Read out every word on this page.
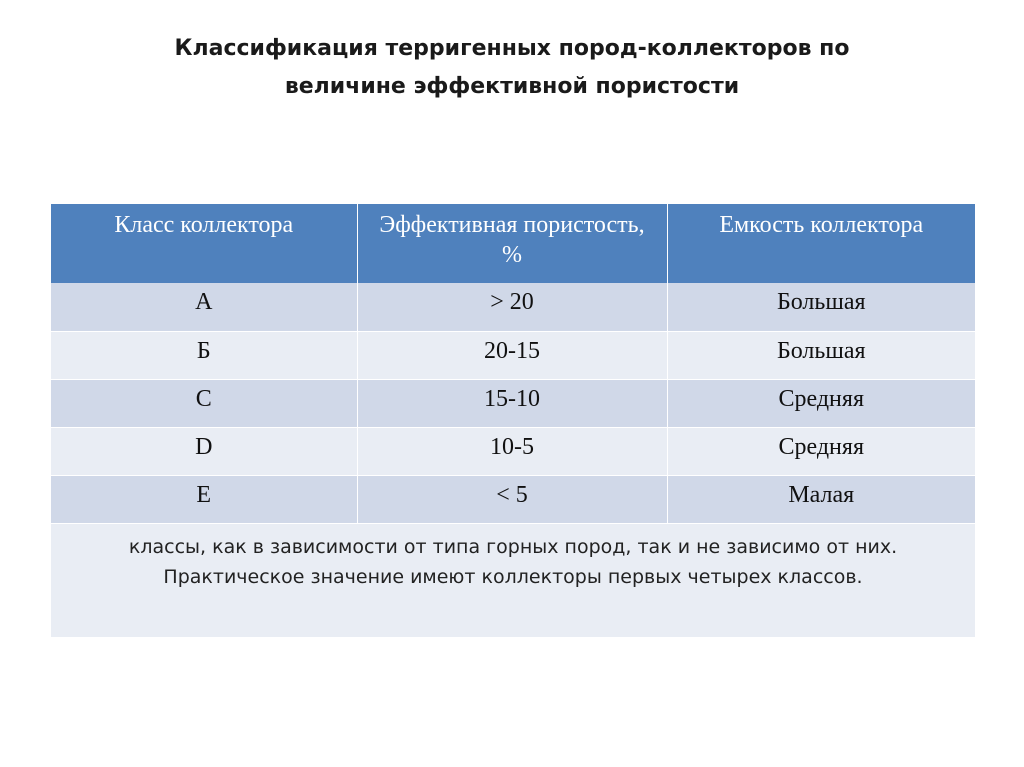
Классификация терригенных пород-коллекторов по
величине эффективной пористости
Класс коллектора	Эффективная пористость, %	Емкость коллектора
A	> 20	Большая
Б	20-15	Большая
C	15-10	Средняя
D	10-5	Средняя
E	< 5	Малая
классы, как в зависимости от типа горных пород, так и не зависимо от них. Практическое значение имеют коллекторы первых четырех классов.		
